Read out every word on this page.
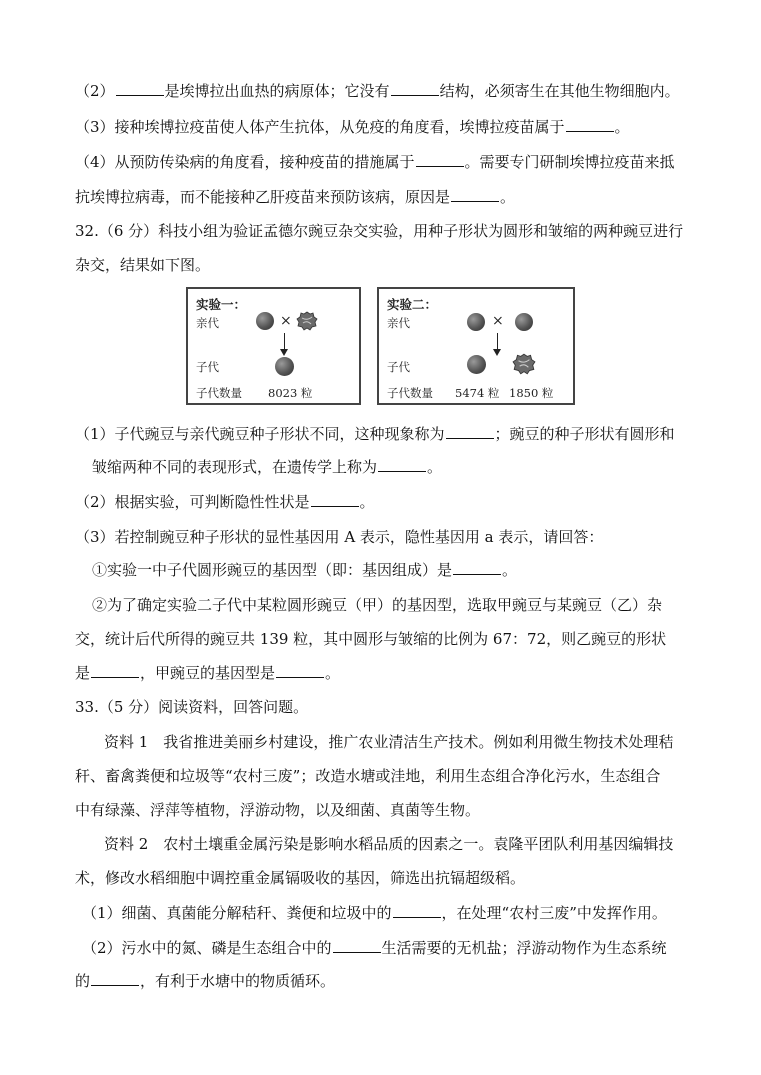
（2）	是埃博拉出血热的病原体；它没有	结构，必须寄生在其他生物细胞内。
（3）接种埃博拉疫苗使人体产生抗体，从免疫的角度看，埃博拉疫苗属于	。
（4）从预防传染病的角度看，接种疫苗的措施属于	。需要专门研制埃博拉疫苗来抵
抗埃博拉病毒，而不能接种乙肝疫苗来预防该病，原因是	。
32.（6 分）科技小组为验证孟德尔豌豆杂交实验，用种子形状为圆形和皱缩的两种豌豆进行
杂交，结果如下图。
实验一：
亲代	×
子代
子代数量 8023 粒
实验二：
亲代	×
子代
子代数量 5474 粒 1850 粒
（1）子代豌豆与亲代豌豆种子形状不同，这种现象称为	；豌豆的种子形状有圆形和
皱缩两种不同的表现形式，在遗传学上称为	。
（2）根据实验，可判断隐性性状是	。
（3）若控制豌豆种子形状的显性基因用 A 表示，隐性基因用 a 表示，请回答：
①实验一中子代圆形豌豆的基因型（即：基因组成）是	。
②为了确定实验二子代中某粒圆形豌豆（甲）的基因型，选取甲豌豆与某豌豆（乙）杂
交，统计后代所得的豌豆共 139 粒，其中圆形与皱缩的比例为 67：72，则乙豌豆的形状
是	，甲豌豆的基因型是	。
33.（5 分）阅读资料，回答问题。
资料 1　我省推进美丽乡村建设，推广农业清洁生产技术。例如利用微生物技术处理秸
秆、畜禽粪便和垃圾等“农村三废”；改造水塘或洼地，利用生态组合净化污水，生态组合
中有绿藻、浮萍等植物，浮游动物，以及细菌、真菌等生物。
资料 2　农村土壤重金属污染是影响水稻品质的因素之一。袁隆平团队利用基因编辑技
术，修改水稻细胞中调控重金属镉吸收的基因，筛选出抗镉超级稻。
（1）细菌、真菌能分解秸秆、粪便和垃圾中的	，在处理“农村三废”中发挥作用。
（2）污水中的氮、磷是生态组合中的	生活需要的无机盐；浮游动物作为生态系统
的	，有利于水塘中的物质循环。
